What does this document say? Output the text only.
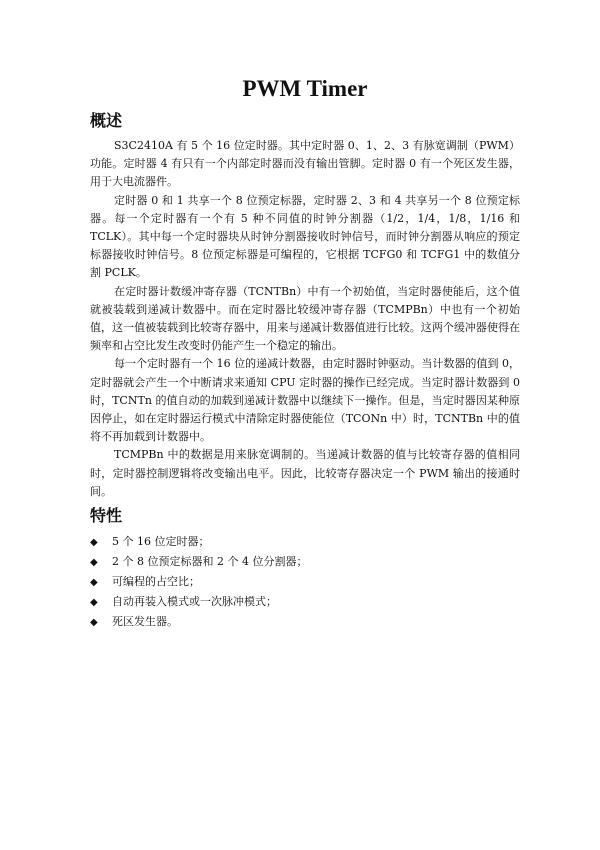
PWM Timer
概述

S3C2410A 有 5 个 16 位定时器。其中定时器 0、1、2、3 有脉宽调制（PWM）功能。定时器 4 有只有一个内部定时器而没有输出管脚。定时器 0 有一个死区发生器，用于大电流器件。

定时器 0 和 1 共享一个 8 位预定标器，定时器 2、3 和 4 共享另一个 8 位预定标器。每一个定时器有一个有 5 种不同值的时钟分割器（1/2，1/4，1/8，1/16 和 TCLK）。其中每一个定时器块从时钟分割器接收时钟信号，而时钟分割器从响应的预定标器接收时钟信号。8 位预定标器是可编程的，它根据 TCFG0 和 TCFG1 中的数值分割 PCLK。

在定时器计数缓冲寄存器（TCNTBn）中有一个初始值，当定时器使能后，这个值就被装载到递减计数器中。而在定时器比较缓冲寄存器（TCMPBn）中也有一个初始值，这一值被装载到比较寄存器中，用来与递减计数器值进行比较。这两个缓冲器使得在频率和占空比发生改变时仍能产生一个稳定的输出。

每一个定时器有一个 16 位的递减计数器，由定时器时钟驱动。当计数器的值到 0，定时器就会产生一个中断请求来通知 CPU 定时器的操作已经完成。当定时器计数器到 0 时，TCNTn 的值自动的加载到递减计数器中以继续下一操作。但是，当定时器因某种原因停止，如在定时器运行模式中清除定时器使能位（TCONn 中）时，TCNTBn 中的值将不再加载到计数器中。

TCMPBn 中的数据是用来脉宽调制的。当递减计数器的值与比较寄存器的值相同时，定时器控制逻辑将改变输出电平。因此，比较寄存器决定一个 PWM 输出的接通时间。

特性
◆	5 个 16 位定时器；
◆	2 个 8 位预定标器和 2 个 4 位分割器；
◆	可编程的占空比；
◆	自动再装入模式或一次脉冲模式；
◆	死区发生器。
